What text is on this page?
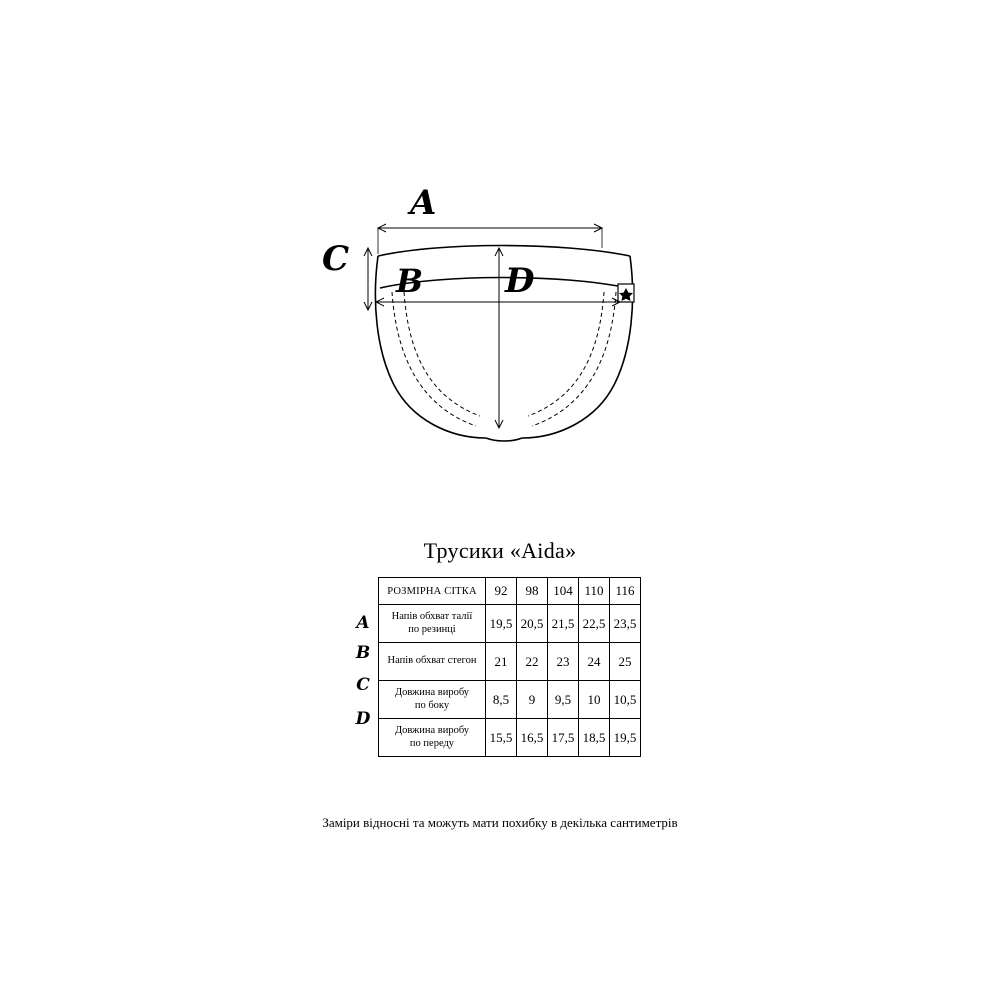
A
C
B D
Трусики «Aida»
A
B
C
D
РОЗМІРНА СІТКА	92	98	104	110	116
Напів обхват талії
по резинці	19,5	20,5	21,5	22,5	23,5
Напів обхват стегон	21	22	23	24	25
Довжина виробу
по боку	8,5	9	9,5	10	10,5
Довжина виробу
по переду	15,5	16,5	17,5	18,5	19,5
Заміри відносні та можуть мати похибку в декілька сантиметрів
